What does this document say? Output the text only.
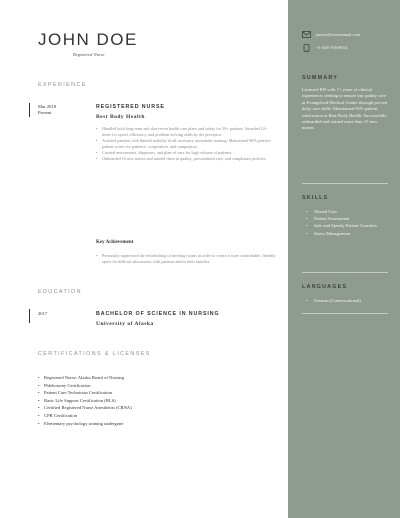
JOHN DOE
Registered Nurse
EXPERIENCE
Mar 2018
Present
REGISTERED NURSE
Best Body Health
• Handled both long-term and short-term health care plans and safety for 30+ patients. Awarded 12+ times for speed, efficiency, and problem-solving skills by the preceptor.
• Assisted patients with limited mobility in all necessary movement training. Maintained 96% positive patient scores for patience, cooperation, and compassion.
• Created assessments, diagnoses, and plan-of-care for high volume of patients.
• Onboarded 16 new nurses and trained them in quality, personalized care, and compliance policies.
Key Achievement
• Personally supervised the refurbishing of meeting rooms in order to create a more comfortable, friendly space for difficult discussions with patients and/or their families.
EDUCATION
2017	BACHELOR OF SCIENCE IN NURSING
University of Alaska
CERTIFICATIONS & LICENSES
• Registered Nurse, Alaska Board of Nursing
• Phlebotomy Certification
• Patient Care Technician Certification
• Basic Life Support Certification (BLS)
• Certified Registered Nurse Anesthetist (CRNA)
• CPR Certification
• Elementary psychology training undergone
janyer@resumemail.com
+1-404-766-8654
SUMMARY
Licensed RN with 7+ years of clinical experience, seeking to ensure top quality care at Evangelical Medical Center through proven daily care skills. Maintained 95% patient satisfaction at Best Body Health. Successfully onboarded and trained more than 15 new nurses.
SKILLS
• Wound Care
• Patient Assessment
• Safe and Speedy Patient Transfers
• Stress Management
LANGUAGES
• German (Conversational)
